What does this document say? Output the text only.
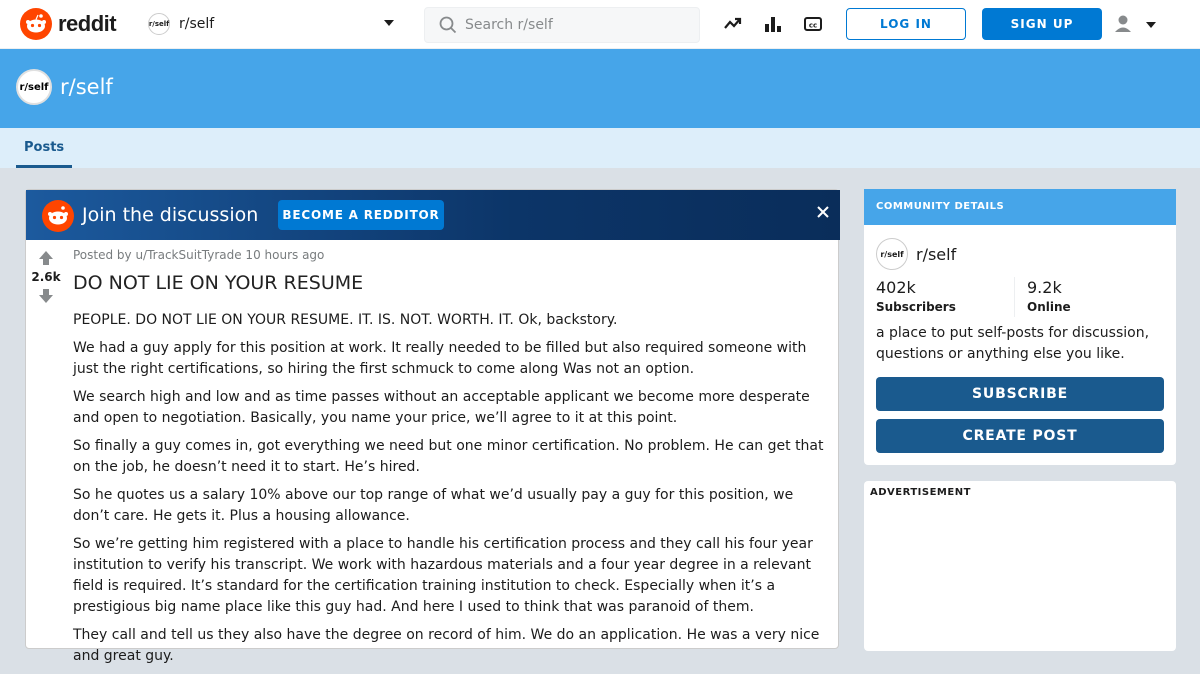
reddit	r/self r/self
Search r/self	cc	LOG IN	SIGN UP
r/self r/self
Posts
Join the discussion	BECOME A REDDITOR
2.6k
Posted by u/TrackSuitTyrade 10 hours ago
DO NOT LIE ON YOUR RESUME

PEOPLE. DO NOT LIE ON YOUR RESUME. IT. IS. NOT. WORTH. IT. Ok, backstory.

We had a guy apply for this position at work. It really needed to be filled but also required someone with just the right certifications, so hiring the first schmuck to come along Was not an option.

We search high and low and as time passes without an acceptable applicant we become more desperate and open to negotiation. Basically, you name your price, we’ll agree to it at this point.

So finally a guy comes in, got everything we need but one minor certification. No problem. He can get that on the job, he doesn’t need it to start. He’s hired.

So he quotes us a salary 10% above our top range of what we’d usually pay a guy for this position, we don’t care. He gets it. Plus a housing allowance.

So we’re getting him registered with a place to handle his certification process and they call his four year institution to verify his transcript. We work with hazardous materials and a four year degree in a relevant field is required. It’s standard for the certification training institution to check. Especially when it’s a prestigious big name place like this guy had. And here I used to think that was paranoid of them.

They call and tell us they also have the degree on record of him. We do an application. He was a very nice and great guy.

COMMUNITY DETAILS
r/self r/self
402k
Subscribers
9.2k
Online
a place to put self-posts for discussion, questions or anything else you like.
SUBSCRIBE
CREATE POST
ADVERTISEMENT
